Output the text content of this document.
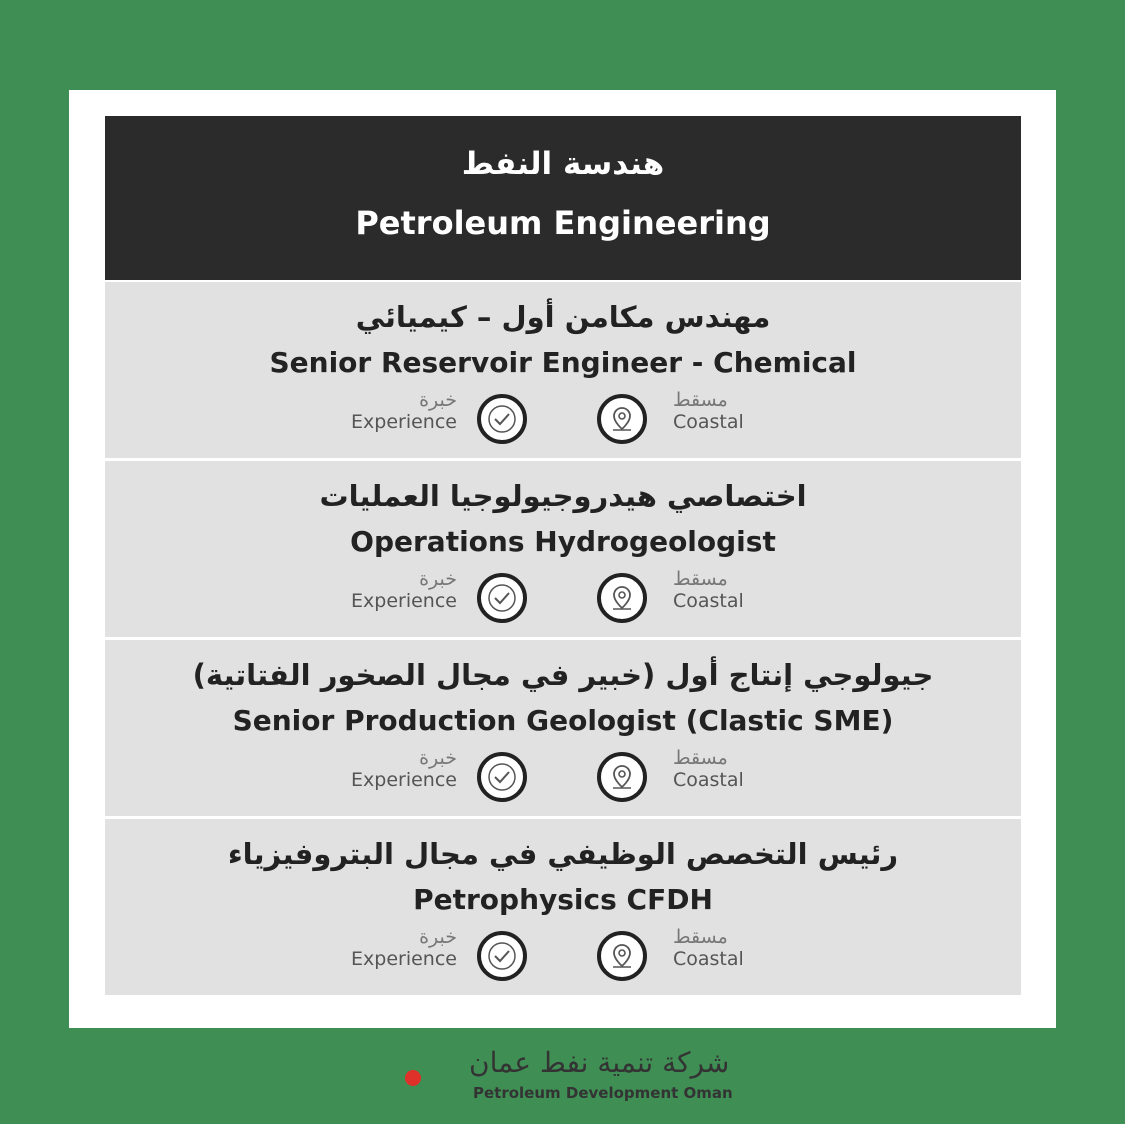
هندسة النفط
Petroleum Engineering
مهندس مكامن أول – كيميائي
Senior Reservoir Engineer - Chemical
خبرة
Experience
مسقط
Coastal
اختصاصي هيدروجيولوجيا العمليات
Operations Hydrogeologist
خبرة
Experience
مسقط
Coastal
جيولوجي إنتاج أول (خبير في مجال الصخور الفتاتية)
Senior Production Geologist (Clastic SME)
خبرة
Experience
مسقط
Coastal
رئيس التخصص الوظيفي في مجال البتروفيزياء
Petrophysics CFDH
خبرة
Experience
مسقط
Coastal
شركة تنمية نفط عمان
Petroleum Development Oman
